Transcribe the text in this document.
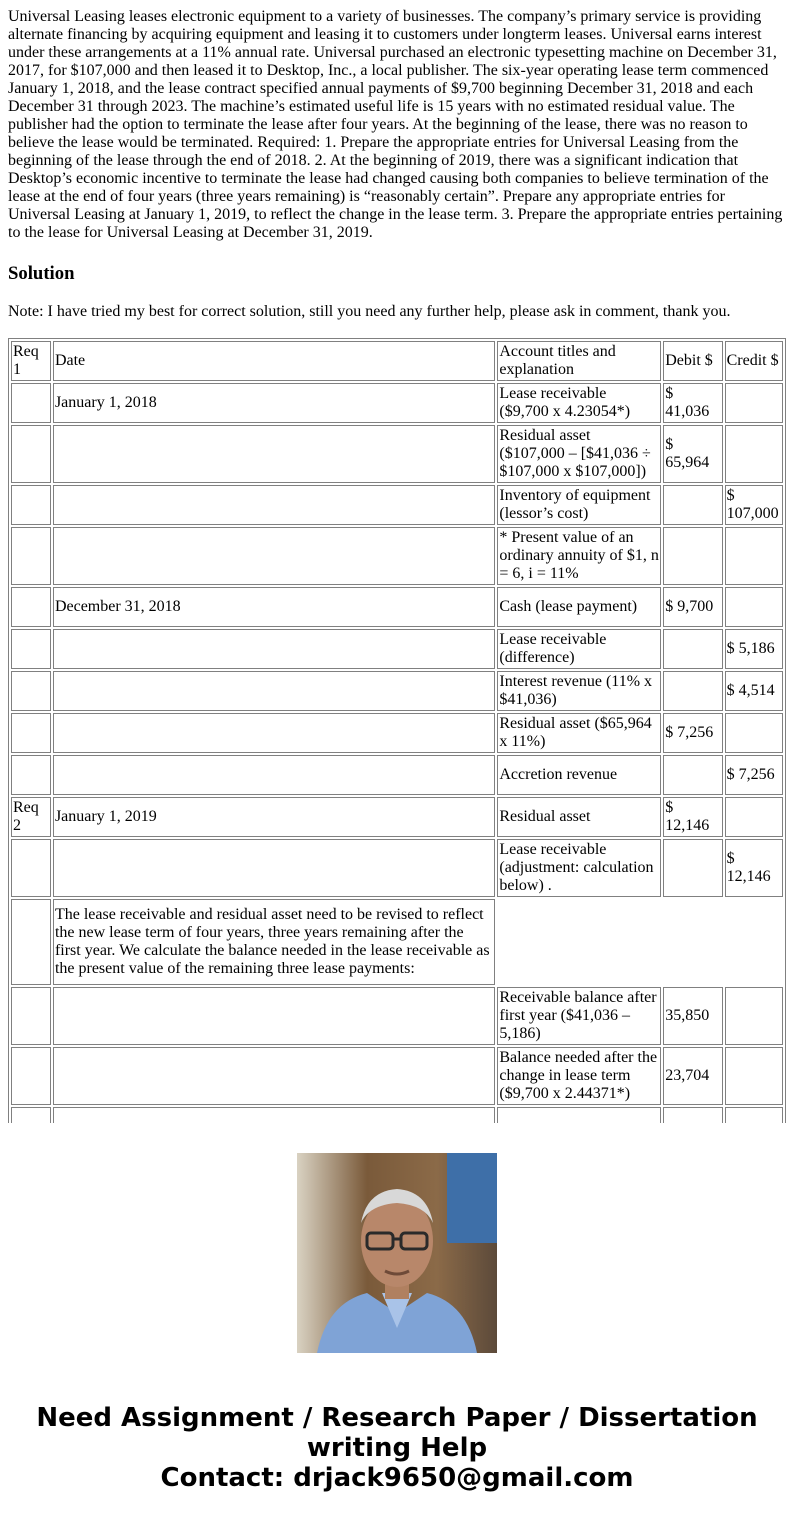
Universal Leasing leases electronic equipment to a variety of businesses. The company’s primary service is providing alternate financing by acquiring equipment and leasing it to customers under longterm leases. Universal earns interest under these arrangements at a 11% annual rate. Universal purchased an electronic typesetting machine on December 31, 2017, for $107,000 and then leased it to Desktop, Inc., a local publisher. The six-year operating lease term commenced January 1, 2018, and the lease contract specified annual payments of $9,700 beginning December 31, 2018 and each December 31 through 2023. The machine’s estimated useful life is 15 years with no estimated residual value. The publisher had the option to terminate the lease after four years. At the beginning of the lease, there was no reason to believe the lease would be terminated. Required: 1. Prepare the appropriate entries for Universal Leasing from the beginning of the lease through the end of 2018. 2. At the beginning of 2019, there was a significant indication that Desktop’s economic incentive to terminate the lease had changed causing both companies to believe termination of the lease at the end of four years (three years remaining) is “reasonably certain”. Prepare any appropriate entries for Universal Leasing at January 1, 2019, to reflect the change in the lease term. 3. Prepare the appropriate entries pertaining to the lease for Universal Leasing at December 31, 2019.

Solution

Note: I have tried my best for correct solution, still you need any further help, please ask in comment, thank you.

Req 1	Date	Account titles and explanation	Debit $	Credit $
	January 1, 2018	Lease receivable ($9,700 x 4.23054*)	$ 41,036	
		Residual asset ($107,000 – [$41,036 ÷ $107,000 x $107,000])	$ 65,964	
		Inventory of equipment (lessor’s cost)		$ 107,000
		* Present value of an ordinary annuity of $1, n = 6, i = 11%		
	December 31, 2018	Cash (lease payment)	$ 9,700	
		Lease receivable (difference)		$ 5,186
		Interest revenue (11% x $41,036)		$ 4,514
		Residual asset ($65,964 x 11%)	$ 7,256	
		Accretion revenue		$ 7,256
Req 2	January 1, 2019	Residual asset	$ 12,146	
		Lease receivable (adjustment: calculation below) .		$ 12,146
	The lease receivable and residual asset need to be revised to reflect the new lease term of four years, three years remaining after the first year. We calculate the balance needed in the lease receivable as the present value of the remaining three lease payments:			
		Receivable balance after first year ($41,036 – 5,186)	35,850	
		Balance needed after the change in lease term ($9,700 x 2.44371*)	23,704	

Need Assignment / Research Paper / Dissertation
writing Help
Contact: drjack9650@gmail.com
